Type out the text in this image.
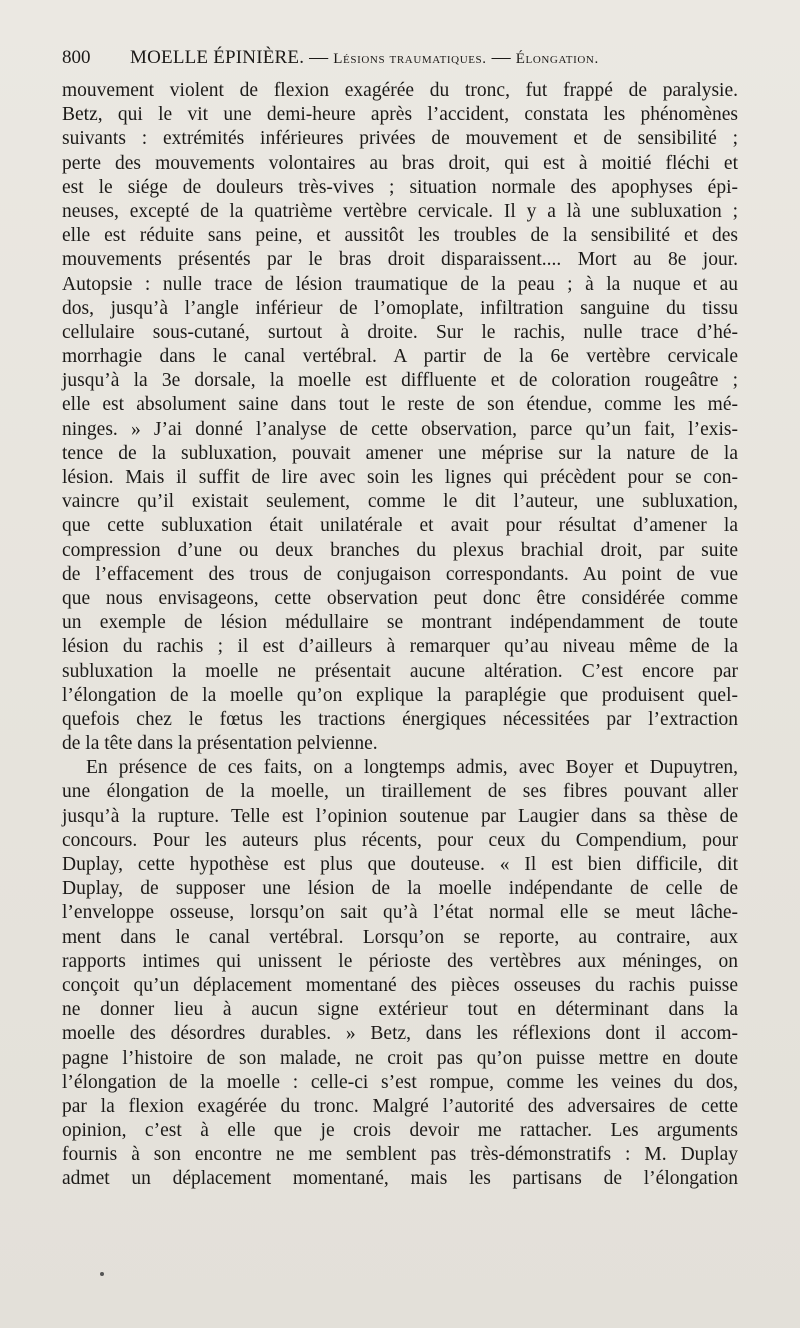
800 MOELLE ÉPINIÈRE. — Lésions traumatiques. — Élongation.
mouvement violent de flexion exagérée du tronc, fut frappé de paralysie.
Betz, qui le vit une demi-heure après l’accident, constata les phénomènes
suivants : extrémités inférieures privées de mouvement et de sensibilité ;
perte des mouvements volontaires au bras droit, qui est à moitié fléchi et
est le siége de douleurs très-vives ; situation normale des apophyses épi-
neuses, excepté de la quatrième vertèbre cervicale. Il y a là une subluxation ;
elle est réduite sans peine, et aussitôt les troubles de la sensibilité et des
mouvements présentés par le bras droit disparaissent.... Mort au 8e jour.
Autopsie : nulle trace de lésion traumatique de la peau ; à la nuque et au
dos, jusqu’à l’angle inférieur de l’omoplate, infiltration sanguine du tissu
cellulaire sous-cutané, surtout à droite. Sur le rachis, nulle trace d’hé-
morrhagie dans le canal vertébral. A partir de la 6e vertèbre cervicale
jusqu’à la 3e dorsale, la moelle est diffluente et de coloration rougeâtre ;
elle est absolument saine dans tout le reste de son étendue, comme les mé-
ninges. » J’ai donné l’analyse de cette observation, parce qu’un fait, l’exis-
tence de la subluxation, pouvait amener une méprise sur la nature de la
lésion. Mais il suffit de lire avec soin les lignes qui précèdent pour se con-
vaincre qu’il existait seulement, comme le dit l’auteur, une subluxation,
que cette subluxation était unilatérale et avait pour résultat d’amener la
compression d’une ou deux branches du plexus brachial droit, par suite
de l’effacement des trous de conjugaison correspondants. Au point de vue
que nous envisageons, cette observation peut donc être considérée comme
un exemple de lésion médullaire se montrant indépendamment de toute
lésion du rachis ; il est d’ailleurs à remarquer qu’au niveau même de la
subluxation la moelle ne présentait aucune altération. C’est encore par
l’élongation de la moelle qu’on explique la paraplégie que produisent quel-
quefois chez le fœtus les tractions énergiques nécessitées par l’extraction
de la tête dans la présentation pelvienne.
En présence de ces faits, on a longtemps admis, avec Boyer et Dupuytren,
une élongation de la moelle, un tiraillement de ses fibres pouvant aller
jusqu’à la rupture. Telle est l’opinion soutenue par Laugier dans sa thèse de
concours. Pour les auteurs plus récents, pour ceux du Compendium, pour
Duplay, cette hypothèse est plus que douteuse. « Il est bien difficile, dit
Duplay, de supposer une lésion de la moelle indépendante de celle de
l’enveloppe osseuse, lorsqu’on sait qu’à l’état normal elle se meut lâche-
ment dans le canal vertébral. Lorsqu’on se reporte, au contraire, aux
rapports intimes qui unissent le périoste des vertèbres aux méninges, on
conçoit qu’un déplacement momentané des pièces osseuses du rachis puisse
ne donner lieu à aucun signe extérieur tout en déterminant dans la
moelle des désordres durables. » Betz, dans les réflexions dont il accom-
pagne l’histoire de son malade, ne croit pas qu’on puisse mettre en doute
l’élongation de la moelle : celle-ci s’est rompue, comme les veines du dos,
par la flexion exagérée du tronc. Malgré l’autorité des adversaires de cette
opinion, c’est à elle que je crois devoir me rattacher. Les arguments
fournis à son encontre ne me semblent pas très-démonstratifs : M. Duplay
admet un déplacement momentané, mais les partisans de l’élongation
